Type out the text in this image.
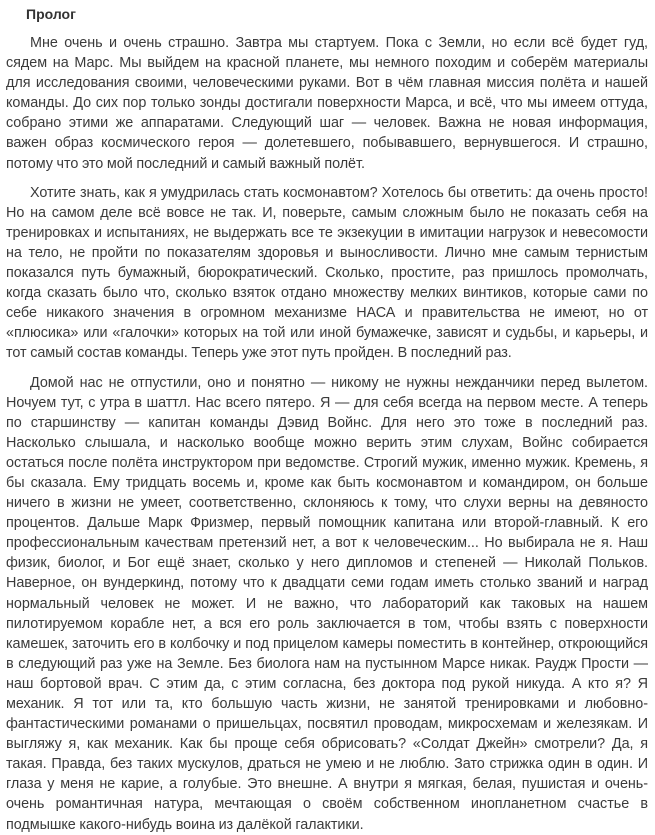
Пролог

Мне очень и очень страшно. Завтра мы стартуем. Пока с Земли, но если всё будет гуд, сядем на Марс. Мы выйдем на красной планете, мы немного походим и соберём материалы для исследования своими, человеческими руками. Вот в чём главная миссия полёта и нашей команды. До сих пор только зонды достигали поверхности Марса, и всё, что мы имеем оттуда, собрано этими же аппаратами. Следующий шаг — человек. Важна не новая информация, важен образ космического героя — долетевшего, побывавшего, вернувшегося. И страшно, потому что это мой последний и самый важный полёт.

Хотите знать, как я умудрилась стать космонавтом? Хотелось бы ответить: да очень просто! Но на самом деле всё вовсе не так. И, поверьте, самым сложным было не показать себя на тренировках и испытаниях, не выдержать все те экзекуции в имитации нагрузок и невесомости на тело, не пройти по показателям здоровья и выносливости. Лично мне самым тернистым показался путь бумажный, бюрократический. Сколько, простите, раз пришлось промолчать, когда сказать было что, сколько взяток отдано множеству мелких винтиков, которые сами по себе никакого значения в огромном механизме НАСА и правительства не имеют, но от «плюсика» или «галочки» которых на той или иной бумажечке, зависят и судьбы, и карьеры, и тот самый состав команды. Теперь уже этот путь пройден. В последний раз.

Домой нас не отпустили, оно и понятно — никому не нужны нежданчики перед вылетом. Ночуем тут, с утра в шаттл. Нас всего пятеро. Я — для себя всегда на первом месте. А теперь по старшинству — капитан команды Дэвид Войнс. Для него это тоже в последний раз. Насколько слышала, и насколько вообще можно верить этим слухам, Войнс собирается остаться после полёта инструктором при ведомстве. Строгий мужик, именно мужик. Кремень, я бы сказала. Ему тридцать восемь и, кроме как быть космонавтом и командиром, он больше ничего в жизни не умеет, соответственно, склоняюсь к тому, что слухи верны на девяносто процентов. Дальше Марк Фризмер, первый помощник капитана или второй-главный. К его профессиональным качествам претензий нет, а вот к человеческим... Но выбирала не я. Наш физик, биолог, и Бог ещё знает, сколько у него дипломов и степеней — Николай Польков. Наверное, он вундеркинд, потому что к двадцати семи годам иметь столько званий и наград нормальный человек не может. И не важно, что лабораторий как таковых на нашем пилотируемом корабле нет, а вся его роль заключается в том, чтобы взять с поверхности камешек, заточить его в колбочку и под прицелом камеры поместить в контейнер, откроющийся в следующий раз уже на Земле. Без биолога нам на пустынном Марсе никак. Раудж Прости — наш бортовой врач. С этим да, с этим согласна, без доктора под рукой никуда. А кто я? Я механик. Я тот или та, кто большую часть жизни, не занятой тренировками и любовно-фантастическими романами о пришельцах, посвятил проводам, микросхемам и железякам. И выгляжу я, как механик. Как бы проще себя обрисовать? «Солдат Джейн» смотрели? Да, я такая. Правда, без таких мускулов, драться не умею и не люблю. Зато стрижка один в один. И глаза у меня не карие, а голубые. Это внешне. А внутри я мягкая, белая, пушистая и очень-очень романтичная натура, мечтающая о своём собственном инопланетном счастье в подмышке какого-нибудь воина из далёкой галактики.
